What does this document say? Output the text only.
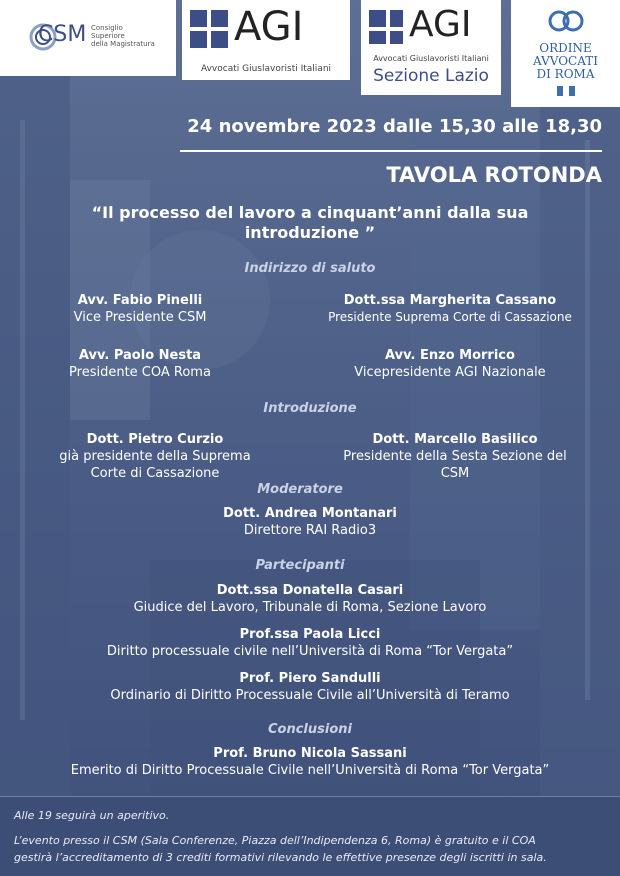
CSM Consiglio
Superiore
della Magistratura AGI
Avvocati Giuslavoristi Italiani
AGI
Avvocati Giuslavoristi Italiani
Sezione Lazio
ORDINE
AVVOCATI
DI ROMA
24 novembre 2023 dalle 15,30 alle 18,30
TAVOLA ROTONDA
“Il processo del lavoro a cinquant’anni dalla sua introduzione ”
Indirizzo di saluto
Avv. Fabio Pinelli
Vice Presidente CSM
Dott.ssa Margherita Cassano
Presidente Suprema Corte di Cassazione
Avv. Paolo Nesta
Presidente COA Roma
Avv. Enzo Morrico
Vicepresidente AGI Nazionale
Introduzione
Dott. Pietro Curzio
già presidente della Suprema Corte di Cassazione
Dott. Marcello Basilico
Presidente della Sesta Sezione del CSM
Moderatore
Dott. Andrea Montanari
Direttore RAI Radio3
Partecipanti
Dott.ssa Donatella Casari
Giudice del Lavoro, Tribunale di Roma, Sezione Lavoro
Prof.ssa Paola Licci
Diritto processuale civile nell’Università di Roma “Tor Vergata”
Prof. Piero Sandulli
Ordinario di Diritto Processuale Civile all’Università di Teramo
Conclusioni
Prof. Bruno Nicola Sassani
Emerito di Diritto Processuale Civile nell’Università di Roma “Tor Vergata”

Alle 19 seguirà un aperitivo.

L’evento presso il CSM (Sala Conferenze, Piazza dell’Indipendenza 6, Roma) è gratuito e il COA

gestirà l’accreditamento di 3 crediti formativi rilevando le effettive presenze degli iscritti in sala.
